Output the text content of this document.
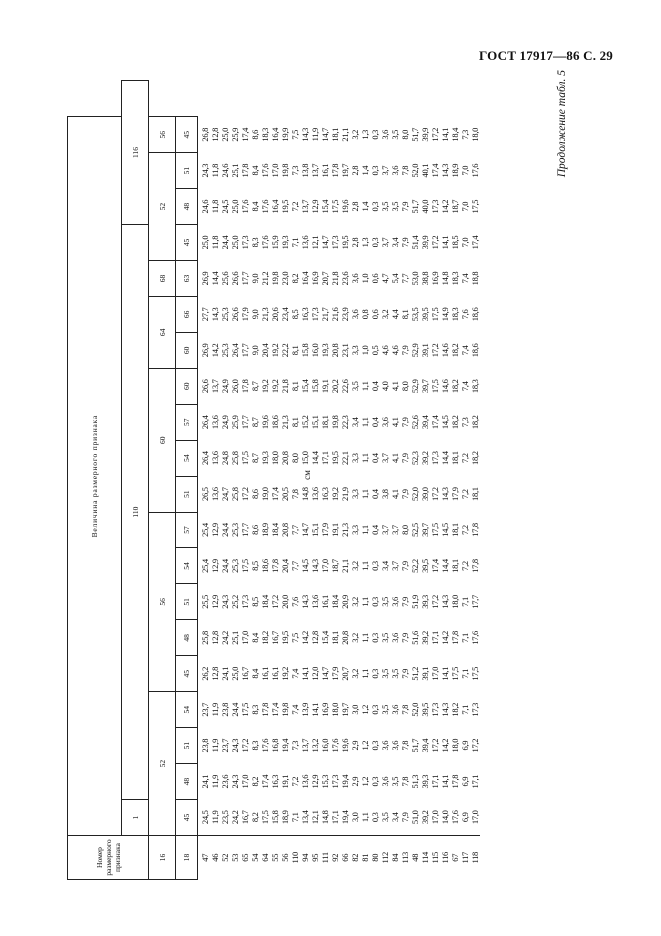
ГОСТ 17917—86 С. 29
Продолжение табл. 5
см
Номер размерного признака	Величина размерного признака																			
	1	110																116		
16	52				56					60				64		68	52			56
18	45	48	51	54	45	48	51	54	57	51	54	57	60	60	66	63	45	48	51	45
47	24,5	24,1	23,8	23,7	26,2	25,8	25,5	25,4	25,4	26,5	26,4	26,4	26,6	26,9	27,7	26,9	25,0	24,6	24,3	26,8
46	11,9	11,9	11,9	11,9	12,8	12,8	12,9	12,9	12,9	13,6	13,6	13,6	13,7	14,2	14,3	14,4	11,8	11,8	11,8	12,8
52	23,5	23,6	23,7	23,8	24,1	24,2	24,3	24,4	24,4	24,7	24,8	24,9	24,9	25,3	25,3	25,6	24,4	24,5	24,6	25,0
53	24,2	24,3	24,3	24,4	25,0	25,1	25,2	25,3	25,3	25,8	25,8	25,9	26,0	26,4	26,6	26,6	25,0	25,0	25,1	25,9
65	16,7	17,0	17,2	17,5	16,7	17,0	17,3	17,5	17,7	17,2	17,5	17,7	17,8	17,7	17,9	17,7	17,3	17,6	17,8	17,4
54	8,2	8,2	8,3	8,3	8,4	8,4	8,5	8,5	8,6	8,6	8,7	8,7	8,7	9,0	9,0	9,0	8,3	8,4	8,4	8,6
64	17,5	17,4	17,6	17,8	16,1	18,2	18,4	18,6	18,9	19,0	19,3	19,6	19,2	20,4	21,3	21,2	17,6	17,6	17,6	18,3
55	15,8	16,3	16,8	17,4	16,1	16,7	17,2	17,8	18,4	17,4	18,0	18,6	19,2	19,2	20,6	19,8	15,9	16,4	17,0	16,4
56	18,9	19,1	19,4	19,8	19,2	19,5	20,0	20,4	20,8	20,5	20,8	21,3	21,8	22,2	23,4	23,0	19,3	19,5	19,8	19,9
110	7,1	7,2	7,3	7,4	7,4	7,5	7,6	7,7	7,7	7,8	8,0	8,1	8,1	8,1	8,5	8,2	7,1	7,2	7,3	7,5
94	13,4	13,6	13,7	13,9	14,1	14,2	14,3	14,5	14,7	14,8	15,0	15,2	15,4	15,8	16,3	16,4	13,6	13,7	13,8	14,3
95	12,1	12,9	13,2	14,1	12,0	12,8	13,6	14,3	15,1	13,6	14,4	15,1	15,8	16,0	17,3	16,9	12,1	12,9	13,7	11,9
111	14,8	15,3	16,0	16,9	14,7	15,4	16,1	17,0	17,9	16,3	17,1	18,1	19,1	19,3	21,7	20,7	14,7	15,4	16,1	14,7
92	17,1	17,3	17,6	18,0	17,9	18,1	18,4	18,7	19,1	19,2	19,5	19,8	20,2	20,8	21,6	21,8	17,3	17,5	17,8	18,1
66	19,4	19,4	19,6	19,7	20,7	20,8	20,9	21,1	21,3	21,9	22,1	22,3	22,6	23,1	23,9	23,6	19,5	19,6	19,7	21,1
82	3,0	2,9	2,9	3,0	3,2	3,2	3,2	3,2	3,3	3,3	3,3	3,4	3,5	3,3	3,6	3,6	2,8	2,8	2,8	3,2
81	1,1	1,2	1,2	1,2	1,1	1,1	1,1	1,1	1,1	1,1	1,1	1,1	1,1	1,0	0,8	1,0	1,3	1,4	1,4	1,3
80	0,3	0,3	0,3	0,3	0,3	0,3	0,3	0,3	0,4	0,4	0,4	0,4	0,4	0,5	0,6	0,6	0,3	0,3	0,3	0,3
112	3,5	3,6	3,6	3,5	3,5	3,5	3,5	3,4	3,7	3,8	3,7	3,6	4,0	4,6	3,2	4,7	3,7	3,5	3,7	3,6
84	3,4	3,5	3,6	3,6	3,5	3,6	3,6	3,7	3,7	4,1	4,1	4,1	4,1	4,6	4,4	5,4	3,4	3,5	3,6	3,5
113	7,9	7,8	7,8	7,8	7,9	7,9	7,9	7,9	8,0	7,9	7,9	7,9	8,0	7,9	8,1	7,7	7,9	7,9	7,8	8,0
48	51,0	51,3	51,7	52,0	51,2	51,6	51,9	52,2	52,5	52,0	52,3	52,6	52,9	52,9	53,5	53,0	51,4	51,7	52,0	51,7
114	39,2	39,3	39,4	39,5	39,1	39,2	39,3	39,5	39,7	39,0	39,2	39,4	39,7	39,1	39,5	38,8	39,9	40,0	40,1	39,9
115	17,0	17,1	17,2	17,3	17,0	17,1	17,2	17,4	17,5	17,2	17,3	17,4	17,5	17,2	17,5	16,9	17,2	17,3	17,4	17,2
116	14,0	14,1	14,2	14,3	14,1	14,2	14,3	14,4	14,5	14,3	14,4	14,5	14,6	14,6	14,9	14,8	14,1	14,2	14,3	14,1
67	17,6	17,8	18,0	18,2	17,5	17,8	18,0	18,1	18,1	17,9	18,1	18,2	18,2	18,2	18,3	18,3	18,5	18,7	18,9	18,4
117	6,9	6,9	6,9	7,1	7,1	7,1	7,1	7,2	7,2	7,2	7,2	7,3	7,4	7,4	7,6	7,4	7,0	7,0	7,0	7,3
118	17,0	17,1	17,2	17,3	17,5	17,6	17,7	17,8	17,8	18,1	18,2	18,2	18,3	18,6	18,6	18,8	17,4	17,5	17,6	18,0
